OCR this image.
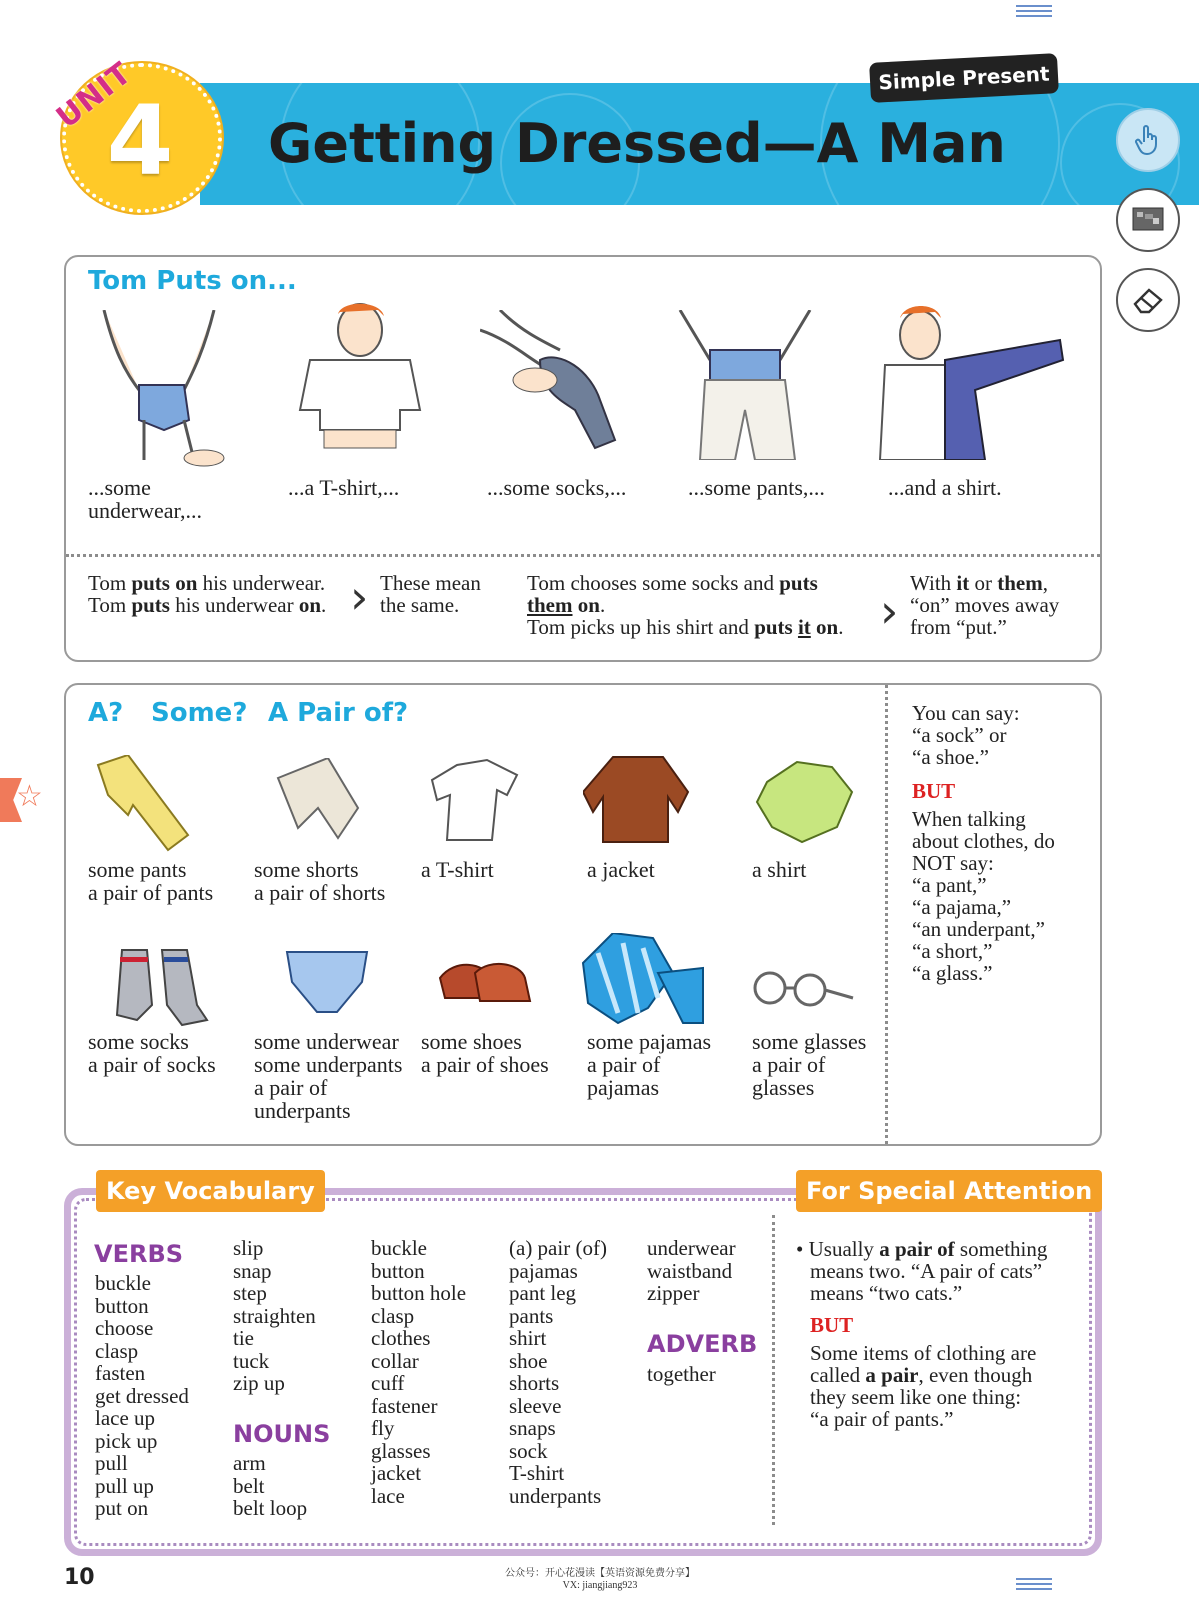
UNIT
4 Getting Dressed—A Man
Simple Present
☆
Tom Puts on...
...some underwear,...
...a T-shirt,...	...some socks,...	...some pants,...	...and a shirt.
Tom puts on his underwear.
Tom puts his underwear on. › These mean the same.
Tom chooses some socks and puts
them on.
Tom picks up his shirt and puts it on. ›
With it or them,
“on” moves away
from “put.”
A? Some? A Pair of?
some pants
a pair of pants
some shorts
a pair of shorts
a T-shirt	a jacket	a shirt
some socks
a pair of socks
some underwear
some underpants
a pair of
underpants
some shoes
a pair of shoes
some pajamas
a pair of
pajamas
some glasses
a pair of
glasses
You can say:
“a sock” or
“a shoe.”
BUT
When talking
about clothes, do
NOT say:
“a pant,”
“a pajama,”
“an underpant,”
“a short,”
“a glass.”
Key Vocabulary	For Special Attention
VERBS
buckle
button
choose
clasp
fasten
get dressed
lace up
pick up
pull
pull up
put on
slip
snap
step
straighten
tie
tuck
zip up
NOUNS
arm
belt
belt loop
buckle
button
button hole
clasp
clothes
collar
cuff
fastener
fly
glasses
jacket
lace
(a) pair (of)
pajamas
pant leg
pants
shirt
shoe
shorts
sleeve
snaps
sock
T-shirt
underpants
underwear
waistband
zipper
ADVERB
together
• Usually a pair of something
means two. “A pair of cats”
means “two cats.”
BUT
Some items of clothing are
called a pair, even though
they seem like one thing:
“a pair of pants.”
10	公众号：开心花漫读【英语资源免费分享】
VX: jiangjiang923
